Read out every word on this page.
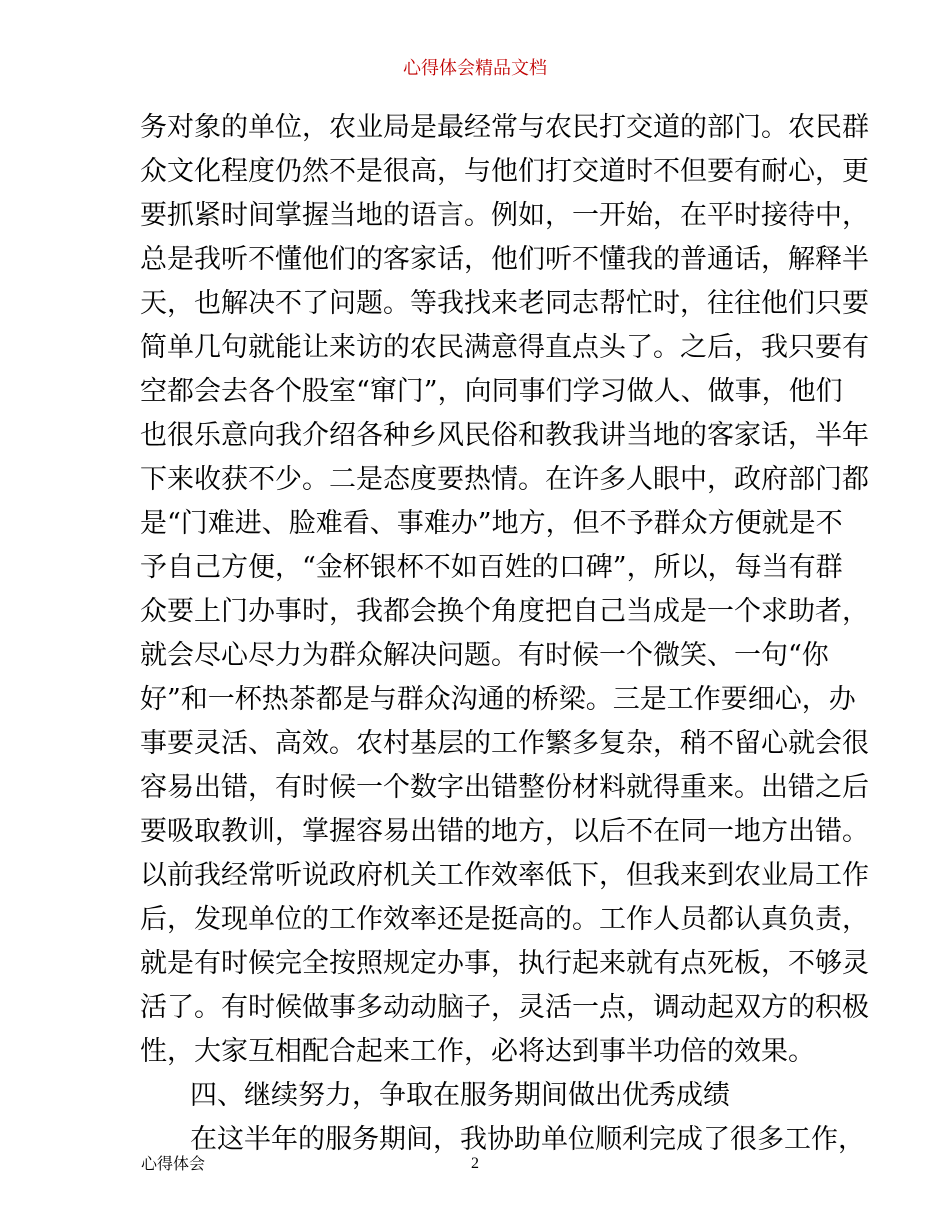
心得体会精品文档
务对象的单位，农业局是最经常与农民打交道的部门。农民群
众文化程度仍然不是很高，与他们打交道时不但要有耐心，更
要抓紧时间掌握当地的语言。例如，一开始，在平时接待中，
总是我听不懂他们的客家话，他们听不懂我的普通话，解释半
天，也解决不了问题。等我找来老同志帮忙时，往往他们只要
简单几句就能让来访的农民满意得直点头了。之后，我只要有
空都会去各个股室“窜门”，向同事们学习做人、做事，他们
也很乐意向我介绍各种乡风民俗和教我讲当地的客家话，半年
下来收获不少。二是态度要热情。在许多人眼中，政府部门都
是“门难进、脸难看、事难办”地方，但不予群众方便就是不
予自己方便，“金杯银杯不如百姓的口碑”，所以，每当有群
众要上门办事时，我都会换个角度把自己当成是一个求助者，
就会尽心尽力为群众解决问题。有时候一个微笑、一句“你
好”和一杯热茶都是与群众沟通的桥梁。三是工作要细心，办
事要灵活、高效。农村基层的工作繁多复杂，稍不留心就会很
容易出错，有时候一个数字出错整份材料就得重来。出错之后
要吸取教训，掌握容易出错的地方，以后不在同一地方出错。
以前我经常听说政府机关工作效率低下，但我来到农业局工作
后，发现单位的工作效率还是挺高的。工作人员都认真负责，
就是有时候完全按照规定办事，执行起来就有点死板，不够灵
活了。有时候做事多动动脑子，灵活一点，调动起双方的积极
性，大家互相配合起来工作，必将达到事半功倍的效果。
四、继续努力，争取在服务期间做出优秀成绩
在这半年的服务期间，我协助单位顺利完成了很多工作，
心得体会	2
